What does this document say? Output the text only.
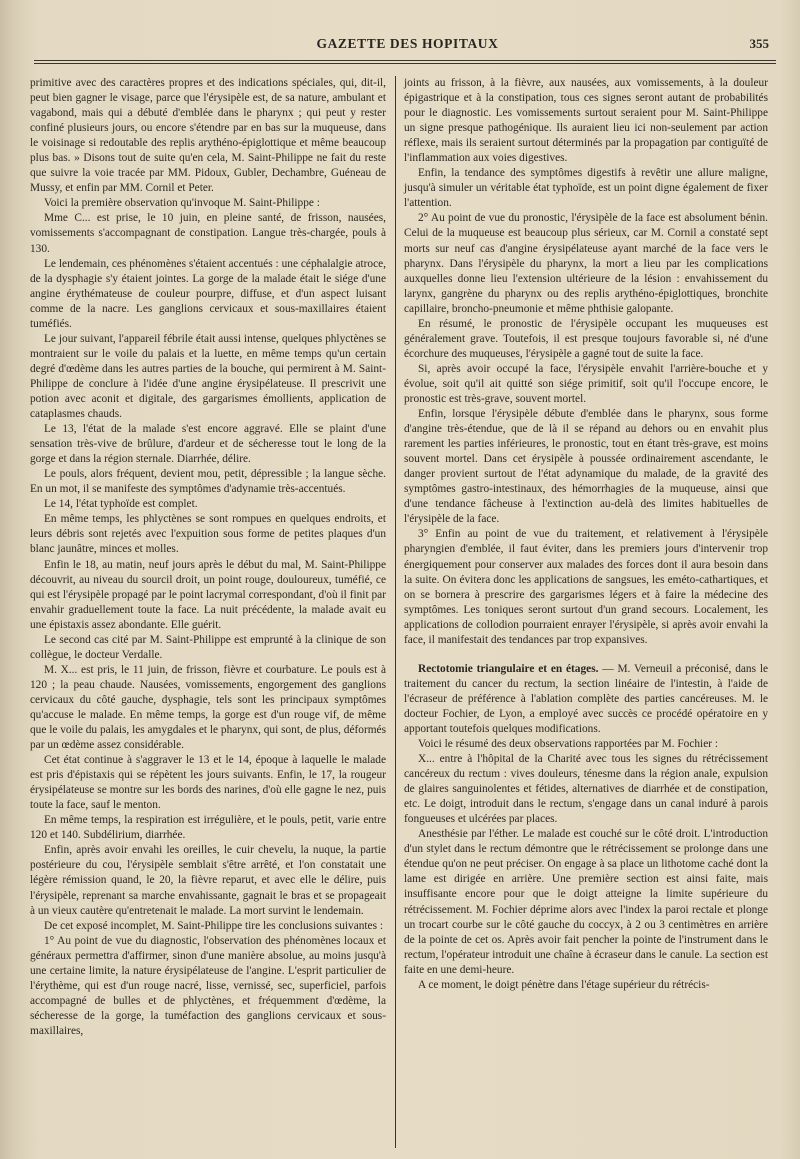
GAZETTE DES HOPITAUX	355

primitive avec des caractères propres et des indications spéciales, qui, dit-il, peut bien gagner le visage, parce que l'érysipèle est, de sa nature, ambulant et vagabond, mais qui a débuté d'emblée dans le pharynx ; qui peut y rester confiné plusieurs jours, ou encore s'étendre par en bas sur la muqueuse, dans le voisinage si redoutable des replis arythéno-épiglottique et même beaucoup plus bas. » Disons tout de suite qu'en cela, M. Saint-Philippe ne fait du reste que suivre la voie tracée par MM. Pidoux, Gubler, Dechambre, Guéneau de Mussy, et enfin par MM. Cornil et Peter.

Voici la première observation qu'invoque M. Saint-Philippe :

Mme C... est prise, le 10 juin, en pleine santé, de frisson, nausées, vomissements s'accompagnant de constipation. Langue très-chargée, pouls à 130.

Le lendemain, ces phénomènes s'étaient accentués : une céphalalgie atroce, de la dysphagie s'y étaient jointes. La gorge de la malade était le siége d'une angine érythémateuse de couleur pourpre, diffuse, et d'un aspect luisant comme de la nacre. Les ganglions cervicaux et sous-maxillaires étaient tuméfiés.

Le jour suivant, l'appareil fébrile était aussi intense, quelques phlyctènes se montraient sur le voile du palais et la luette, en même temps qu'un certain degré d'œdème dans les autres parties de la bouche, qui permirent à M. Saint-Philippe de conclure à l'idée d'une angine érysipélateuse. Il prescrivit une potion avec aconit et digitale, des gargarismes émollients, application de cataplasmes chauds.

Le 13, l'état de la malade s'est encore aggravé. Elle se plaint d'une sensation très-vive de brûlure, d'ardeur et de sécheresse tout le long de la gorge et dans la région sternale. Diarrhée, délire.

Le pouls, alors fréquent, devient mou, petit, dépressible ; la langue sèche. En un mot, il se manifeste des symptômes d'adynamie très-accentués.

Le 14, l'état typhoïde est complet.

En même temps, les phlyctènes se sont rompues en quelques endroits, et leurs débris sont rejetés avec l'expuition sous forme de petites plaques d'un blanc jaunâtre, minces et molles.

Enfin le 18, au matin, neuf jours après le début du mal, M. Saint-Philippe découvrit, au niveau du sourcil droit, un point rouge, douloureux, tuméfié, ce qui est l'érysipèle propagé par le point lacrymal correspondant, d'où il finit par envahir graduellement toute la face. La nuit précédente, la malade avait eu une épistaxis assez abondante. Elle guérit.

Le second cas cité par M. Saint-Philippe est emprunté à la clinique de son collègue, le docteur Verdalle.

M. X... est pris, le 11 juin, de frisson, fièvre et courbature. Le pouls est à 120 ; la peau chaude. Nausées, vomissements, engorgement des ganglions cervicaux du côté gauche, dysphagie, tels sont les principaux symptômes qu'accuse le malade. En même temps, la gorge est d'un rouge vif, de même que le voile du palais, les amygdales et le pharynx, qui sont, de plus, déformés par un œdème assez considérable.

Cet état continue à s'aggraver le 13 et le 14, époque à laquelle le malade est pris d'épistaxis qui se répètent les jours suivants. Enfin, le 17, la rougeur érysipélateuse se montre sur les bords des narines, d'où elle gagne le nez, puis toute la face, sauf le menton.

En même temps, la respiration est irrégulière, et le pouls, petit, varie entre 120 et 140. Subdélirium, diarrhée.

Enfin, après avoir envahi les oreilles, le cuir chevelu, la nuque, la partie postérieure du cou, l'érysipèle semblait s'être arrêté, et l'on constatait une légère rémission quand, le 20, la fièvre reparut, et avec elle le délire, puis l'érysipèle, reprenant sa marche envahissante, gagnait le bras et se propageait à un vieux cautère qu'entretenait le malade. La mort survint le lendemain.

De cet exposé incomplet, M. Saint-Philippe tire les conclusions suivantes :

1° Au point de vue du diagnostic, l'observation des phénomènes locaux et généraux permettra d'affirmer, sinon d'une manière absolue, au moins jusqu'à une certaine limite, la nature érysipélateuse de l'angine. L'esprit particulier de l'érythème, qui est d'un rouge nacré, lisse, vernissé, sec, superficiel, parfois accompagné de bulles et de phlyctènes, et fréquemment d'œdème, la sécheresse de la gorge, la tuméfaction des ganglions cervicaux et sous-maxillaires,

joints au frisson, à la fièvre, aux nausées, aux vomissements, à la douleur épigastrique et à la constipation, tous ces signes seront autant de probabilités pour le diagnostic. Les vomissements surtout seraient pour M. Saint-Philippe un signe presque pathogénique. Ils auraient lieu ici non-seulement par action réflexe, mais ils seraient surtout déterminés par la propagation par contiguïté de l'inflammation aux voies digestives.

Enfin, la tendance des symptômes digestifs à revêtir une allure maligne, jusqu'à simuler un véritable état typhoïde, est un point digne également de fixer l'attention.

2° Au point de vue du pronostic, l'érysipèle de la face est absolument bénin. Celui de la muqueuse est beaucoup plus sérieux, car M. Cornil a constaté sept morts sur neuf cas d'angine érysipélateuse ayant marché de la face vers le pharynx. Dans l'érysipèle du pharynx, la mort a lieu par les complications auxquelles donne lieu l'extension ultérieure de la lésion : envahissement du larynx, gangrène du pharynx ou des replis arythéno-épiglottiques, bronchite capillaire, broncho-pneumonie et même phthisie galopante.

En résumé, le pronostic de l'érysipèle occupant les muqueuses est généralement grave. Toutefois, il est presque toujours favorable si, né d'une écorchure des muqueuses, l'érysipèle a gagné tout de suite la face.

Si, après avoir occupé la face, l'érysipèle envahit l'arrière-bouche et y évolue, soit qu'il ait quitté son siége primitif, soit qu'il l'occupe encore, le pronostic est très-grave, souvent mortel.

Enfin, lorsque l'érysipèle débute d'emblée dans le pharynx, sous forme d'angine très-étendue, que de là il se répand au dehors ou en envahit plus rarement les parties inférieures, le pronostic, tout en étant très-grave, est moins souvent mortel. Dans cet érysipèle à poussée ordinairement ascendante, le danger provient surtout de l'état adynamique du malade, de la gravité des symptômes gastro-intestinaux, des hémorrhagies de la muqueuse, ainsi que d'une tendance fâcheuse à l'extinction au-delà des limites habituelles de l'érysipèle de la face.

3° Enfin au point de vue du traitement, et relativement à l'érysipèle pharyngien d'emblée, il faut éviter, dans les premiers jours d'intervenir trop énergiquement pour conserver aux malades des forces dont il aura besoin dans la suite. On évitera donc les applications de sangsues, les eméto-cathartiques, et on se bornera à prescrire des gargarismes légers et à faire la médecine des symptômes. Les toniques seront surtout d'un grand secours. Localement, les applications de collodion pourraient enrayer l'érysipèle, si après avoir envahi la face, il manifestait des tendances par trop expansives.

Rectotomie triangulaire et en étages. — M. Verneuil a préconisé, dans le traitement du cancer du rectum, la section linéaire de l'intestin, à l'aide de l'écraseur de préférence à l'ablation complète des parties cancéreuses. M. le docteur Fochier, de Lyon, a employé avec succès ce procédé opératoire en y apportant toutefois quelques modifications.

Voici le résumé des deux observations rapportées par M. Fochier :

X... entre à l'hôpital de la Charité avec tous les signes du rétrécissement cancéreux du rectum : vives douleurs, ténesme dans la région anale, expulsion de glaires sanguinolentes et fétides, alternatives de diarrhée et de constipation, etc. Le doigt, introduit dans le rectum, s'engage dans un canal induré à parois fongueuses et ulcérées par places.

Anesthésie par l'éther. Le malade est couché sur le côté droit. L'introduction d'un stylet dans le rectum démontre que le rétrécissement se prolonge dans une étendue qu'on ne peut préciser. On engage à sa place un lithotome caché dont la lame est dirigée en arrière. Une première section est ainsi faite, mais insuffisante encore pour que le doigt atteigne la limite supérieure du rétrécissement. M. Fochier déprime alors avec l'index la paroi rectale et plonge un trocart courbe sur le côté gauche du coccyx, à 2 ou 3 centimètres en arrière de la pointe de cet os. Après avoir fait pencher la pointe de l'instrument dans le rectum, l'opérateur introduit une chaîne à écraseur dans le canule. La section est faite en une demi-heure.

A ce moment, le doigt pénètre dans l'étage supérieur du rétrécis-
